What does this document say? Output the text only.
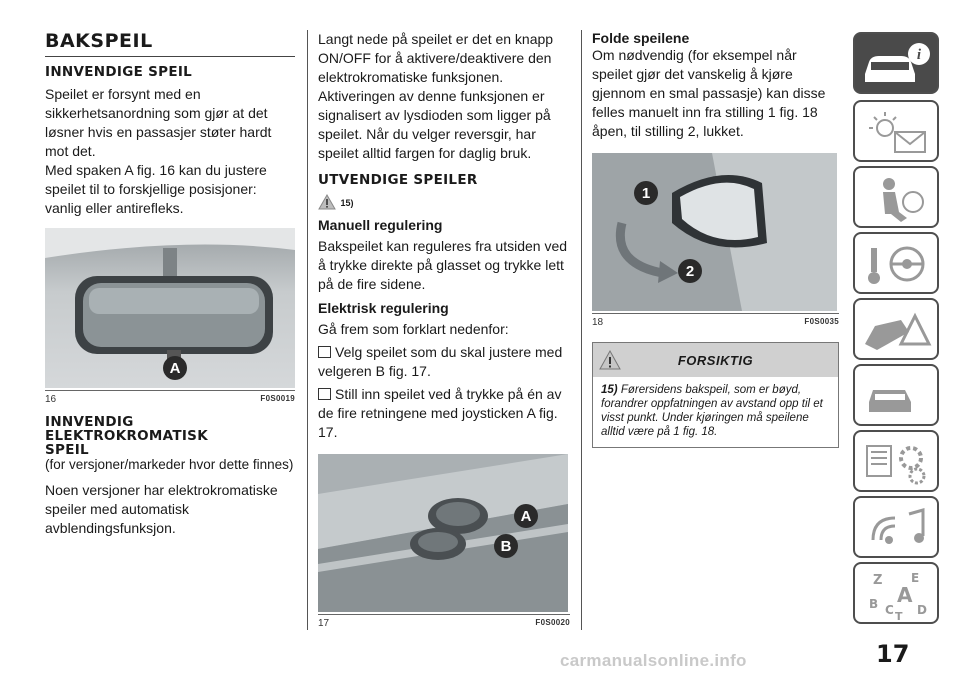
BAKSPEIL
INNVENDIGE SPEIL

Speilet er forsynt med en sikkerhetsanordning som gjør at det løsner hvis en passasjer støter hardt mot det.

Med spaken A fig. 16 kan du justere speilet til to forskjellige posisjoner: vanlig eller antirefleks.

A
16	F0S0019
INNVENDIG
ELEKTROKROMATISK
SPEIL

(for versjoner/markeder hvor dette finnes)

Noen versjoner har elektrokromatiske speiler med automatisk avblendingsfunksjon.

Langt nede på speilet er det en knapp ON/OFF for å aktivere/deaktivere den elektrokromatiske funksjonen.

Aktiveringen av denne funksjonen er signalisert av lysdioden som ligger på speilet. Når du velger reversgir, har speilet alltid fargen for daglig bruk.

UTVENDIGE SPEILER
15)
Manuell regulering

Bakspeilet kan reguleres fra utsiden ved å trykke direkte på glasset og trykke lett på de fire sidene.

Elektrisk regulering

Gå frem som forklart nedenfor:

Velg speilet som du skal justere med velgeren B fig. 17.

Still inn speilet ved å trykke på én av de fire retningene med joysticken A fig. 17.

A
B
17	F0S0020
Folde speilene

Om nødvendig (for eksempel når speilet gjør det vanskelig å kjøre gjennom en smal passasje) kan disse felles manuelt inn fra stilling 1 fig. 18 åpen, til stilling 2, lukket.

1
2
18	F0S0035
FORSIKTIG
15) Førersidens bakspeil, som er bøyd, forandrer oppfatningen av avstand opp til et visst punkt. Under kjøringen må speilene alltid være på 1 fig. 18.
i
Z E
B C
A
D
T
17
carmanualsonline.info
